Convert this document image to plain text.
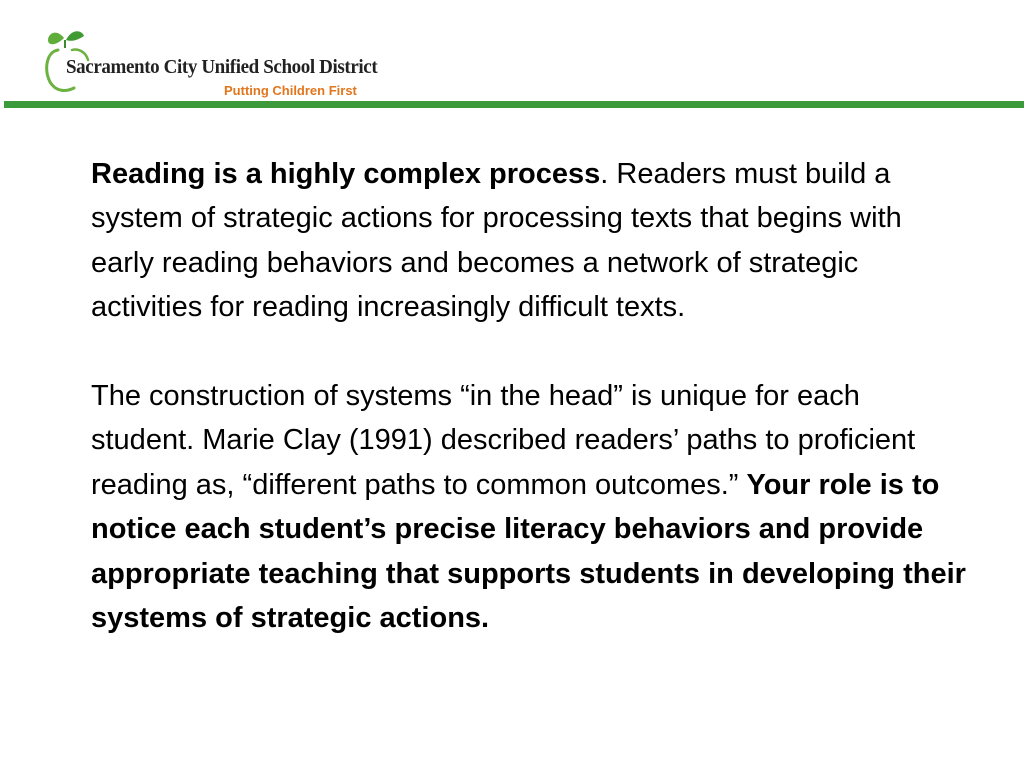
Sacramento City Unified School District
Putting Children First

Reading is a highly complex process. Readers must build a system of strategic actions for processing texts that begins with early reading behaviors and becomes a network of strategic activities for reading increasingly difficult texts.

The construction of systems “in the head” is unique for each student. Marie Clay (1991) described readers’ paths to proficient reading as, “different paths to common outcomes.” Your role is to notice each student’s precise literacy behaviors and provide appropriate teaching that supports students in developing their systems of strategic actions.
